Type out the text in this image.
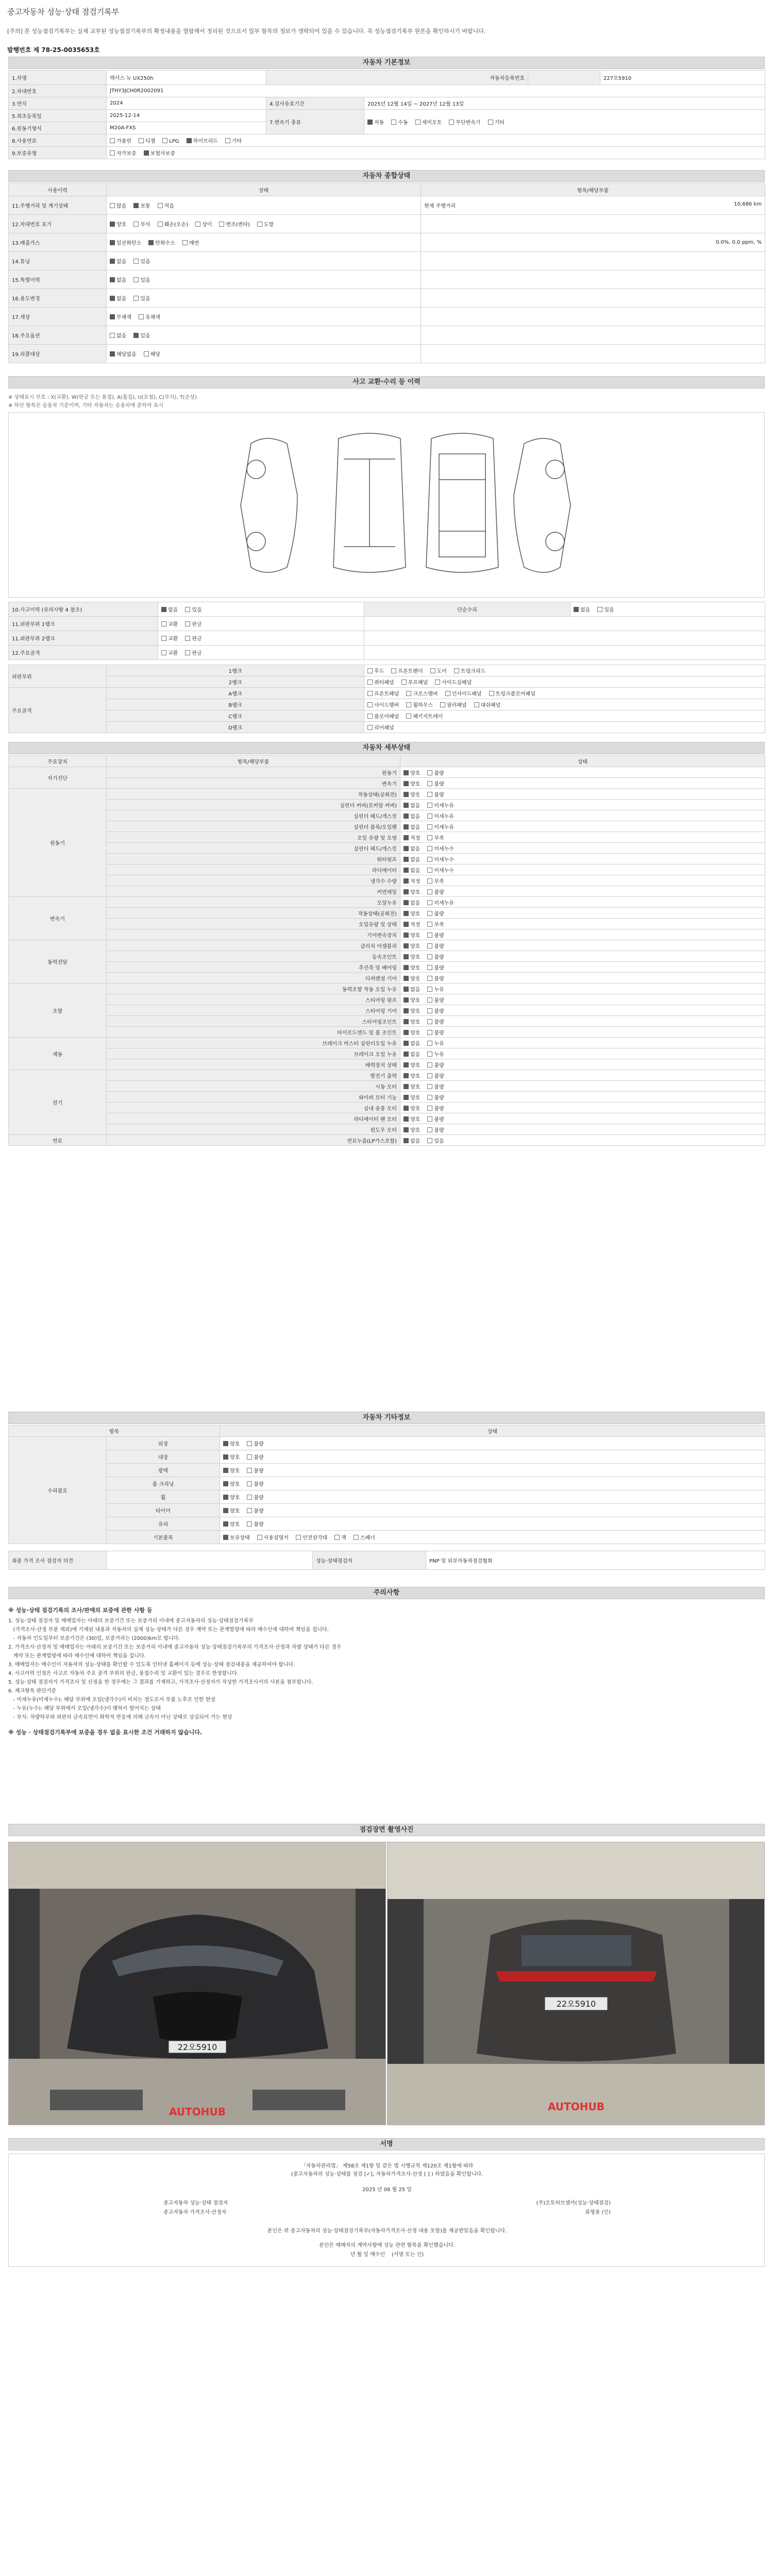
중고자동차 성능·상태 점검기록부
[주의] 본 성능점검기록부는 실제 교부된 성능점검기록부의 확정내용을 열람해서 정리된 것으로서 일부 항목의 정보가 생략되어 있을 수 있습니다. 꼭 성능점검기록부 원본을 확인하시기 바랍니다.
발행번호 제 78-25-0035653호
자동차 기본정보
1.차명	렉서스 뉴 UX250h	자동차등록번호			227오5910
2.차대번호	JTHY3JCH0R2002091				
3.연식	2024	4.검사유효기간	2025년 12월 14일 ~ 2027년 12월 13일		
5.최초등록일	2025-12-14	7.변속기 종류	자동 수동 세미오토 무단변속기 기타		
6.원동기형식	M20A-FXS				
8.사용연료	가솔린 디젤 LPG 하이브리드 기타				
9.보증유형	자가보증 보험사보증				
자동차 종합상태
사용이력	상태	항목/해당부품
11.주행거리 및 계기상태	많음 보통 적음	현재 주행거리 10,686 km

12.차대번호 표기	양호 부식 훼손(오손) 상이 변조(변타) 도말	

13.배출가스	일산화탄소 탄화수소 매연	0.0%, 0.0 ppm, %

14.튜닝	없음 있음	

15.특별이력	없음 있음	

16.용도변경	없음 있음	

17.색상	무채색 유채색	

18.주요옵션	없음 있음	

19.리콜대상	해당없음 해당	
사고 교환·수리 등 이력
※ 상태표시 부호 : X(교환), W(판금 또는 용접), A(흠집), U(요철), C(부식), T(손상)
※ 하단 항목은 승용차 기준이며, 기타 자동차는 승용차에 준하여 표시
10.사고이력 (유의사항 4 참조)	없음 있음	단순수리	없음 있음
11.외판부위 1랭크	교환 판금		
11.외판부위 2랭크	교환 판금		
12.주요골격	교환 판금		
외판부위	1랭크	후드 프론트펜더 도어 트렁크리드
	2랭크	쿼터패널 루프패널 사이드실패널
주요골격	A랭크	프론트패널 크로스멤버 인사이드패널 트렁크플로어패널
	B랭크	사이드멤버 휠하우스 필러패널 대쉬패널
	C랭크	플로어패널 패키지트레이
	D랭크	리어패널
자동차 세부상태
주요장치	항목/해당부품	상태
자기진단	원동기	양호 불량
	변속기	양호 불량
원동기	작동상태(공회전)	양호 불량
	실린더 커버(로커암 커버)	없음 미세누유
	실린더 헤드/개스킷	없음 미세누유
	실린더 블록/오일팬	없음 미세누유
	오일 유량 및 오염	적정 부족
	실린더 헤드/개스킷	없음 미세누수
	워터펌프	없음 미세누수
	라디에이터	없음 미세누수
	냉각수 수량	적정 부족
	커먼레일	양호 불량
변속기	오일누유	없음 미세누유
	작동상태(공회전)	양호 불량
	오일유량 및 상태	적정 부족
	기어변속장치	양호 불량
동력전달	클러치 어셈블리	양호 불량
	등속조인트	양호 불량
	추진축 및 베어링	양호 불량
	디퍼렌셜 기어	양호 불량
조향	동력조향 작동 오일 누유	없음 누유
	스티어링 펌프	양호 불량
	스티어링 기어	양호 불량
	스티어링조인트	양호 불량
	타이로드엔드 및 볼 조인트	양호 불량
제동	브레이크 마스터 실린더오일 누유	없음 누유
	브레이크 오일 누유	없음 누유
	배력장치 상태	양호 불량
전기	발전기 출력	양호 불량
	시동 모터	양호 불량
	와이퍼 모터 기능	양호 불량
	실내 송풍 모터	양호 불량
	라디에이터 팬 모터	양호 불량
	윈도우 모터	양호 불량
연료	연료누출(LP가스포함)	없음 있음
자동차 기타정보
항목		상태
수리필요	외장	양호 불량
	내장	양호 불량
	광택	양호 불량
	룸 크리닝	양호 불량
	휠	양호 불량
	타이어	양호 불량
	유리	양호 불량
	기본품목	보유상태 사용설명서 안전삼각대 잭 스패너
최종 가격 조사 점검자 의견		성능·상태점검자	PNP 및 외부자동차점검협회
주의사항

※ 성능·상태 점검기록의 조사/판매의 보증에 관한 사항 등

1. 성능·상태 점검자 및 매매업자는 아래의 보증기간 또는 보증거리 이내에 중고자동차의 성능·상태점검기록부

(가격조사·산정 부분 제외)에 기재된 내용과 자동차의 실제 성능·상태가 다른 경우 계약 또는 관계법령에 따라 매수인에 대하여 책임을 집니다.

- 자동차 인도일부터 보증기간은 (30)일, 보증거리는 (2000)km로 합니다.

2. 가격조사·산정자 및 매매업자는 아래의 보증기간 또는 보증거리 이내에 중고자동차 성능·상태점검기록부의 가격조사·산정과 차량 상태가 다른 경우

계약 또는 관계법령에 따라 매수인에 대하여 책임을 집니다.

3. 매매업자는 매수인이 자동차의 성능·상태를 확인할 수 있도록 인터넷 홈페이지 등에 성능·상태 점검내용을 제공하여야 합니다.

4. 사고이력 인정은 사고로 자동차 주요 골격 부위의 판금, 용접수리 및 교환이 있는 경우로 한정합니다.

5. 성능·상태 점검자가 가격조사 및 산정을 한 경우에는 그 결과를 기재하고, 가격조사·산정자가 작성한 가격조사서의 사본을 첨부합니다.

6. 체크항목 판단기준

- 미세누유(미세누수): 해당 부위에 오일(냉각수)이 비치는 정도로서 부품 노후로 인한 현상

- 누유(누수): 해당 부위에서 오일(냉각수)이 맺혀서 떨어지는 상태

- 부식: 차량하부와 외판의 금속표면이 화학적 반응에 의해 금속이 아닌 상태로 상실되어 가는 현상

※ 성능 · 상태점검기록부에 보증을 경우 없음 표시한 조건 거래하지 않습니다.

점검장면 촬영사진
22오5910
AUTOHUB
22오5910
AUTOHUB
서명
「자동차관리법」 제58조 제1항 및 같은 법 시행규칙 제120조 제1항에 따라
(중고자동차의 성능·상태를 점검 [✓], 자동차가격조사·산정 [ ] ) 하였음을 확인합니다.
2025 년 06 월 25 일
중고자동차 성능·상태 점검자	(주)오토허브셀카(성능·상태점검)
중고자동차 가격조사·산정자	류형용 (인)
본인은 위 중고자동차의 성능·상태점검기록부(자동차가격조사·산정 내용 포함)를 제공받았음을 확인합니다.
본인은 매매자의 계약사항에 성능 관련 항목을 확인했습니다.
년 월 일 매수인 (서명 또는 인)
